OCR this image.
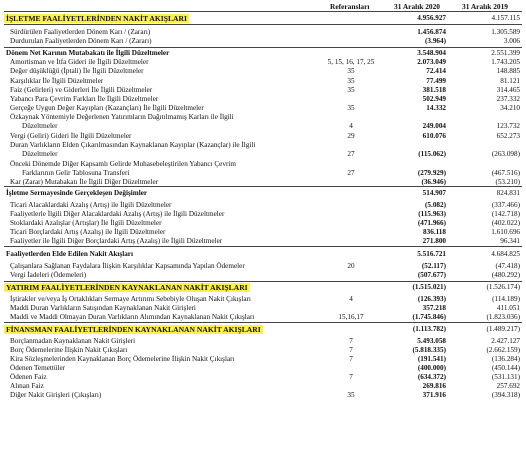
Referansları	31 Aralık 2020	31 Aralık 2019
İŞLETME FAALİYETLERİNDEN NAKİT AKIŞLARI	4.956.927	4.157.115
Sürdürülen Faaliyetlerden Dönem Karı / (Zararı)	1.456.874	1.305.589
Durdurulan Faaliyetlerden Dönem Karı / (Zararı)	(3.964)	3.006
Dönem Net Karının Mutabakatı ile İlgili Düzeltmeler	3.548.904	2.551.399
Amortisman ve İtfa Gideri ile İlgili Düzeltmeler	5, 15, 16, 17, 25	2.073.049	1.743.205
Değer düşüklüğü (İptali) İle İlgili Düzeltmeler	35	72.414	148.885
Karşılıklar İle İlgili Düzeltmeler	35	77.499	81.121
Faiz (Gelirleri) ve Giderleri İle İlgili Düzeltmeler	35	381.518	314.465
Yabancı Para Çevrim Farkları İle İlgili Düzeltmeler	502.949	237.332
Gerçeğe Uygun Değer Kayıpları (Kazançları) İle İlgili Düzeltmeler	35	14.332	34.210
Özkaynak Yöntemiyle Değerlenen Yatırımların Dağıtılmamış Karları ile İlgili
Düzeltmeler	4	249.004	123.732
Vergi (Geliri) Gideri İle İlgili Düzeltmeler	29	610.076	652.273
Duran Varlıkların Elden Çıkarılmasından Kaynaklanan Kayıplar (Kazançlar) ile İlgili
Düzeltmeler	27	(115.062)	(263.098)
Önceki Dönemde Diğer Kapsamlı Gelirde Muhasebeleştirilen Yabancı Çevrim
Farklarının Gelir Tablosuna Transferi	27	(279.929)	(467.516)
Kar (Zarar) Mutabakatı İle İlgili Diğer Düzeltmeler	(36.946)	(53.210)
İşletme Sermayesinde Gerçekleşen Değişimler	514.907	824.831
Ticari Alacaklardaki Azalış (Artış) ile İlgili Düzeltmeler	(5.082)	(337.466)
Faaliyetlerle İlgili Diğer Alacaklardaki Azalış (Artış) ile İlgili Düzeltmeler	(115.963)	(142.718)
Stoklardaki Azalışlar (Artışlar) İle İlgili Düzeltmeler	(471.966)	(402.022)
Ticari Borçlardaki Artış (Azalış) ile İlgili Düzeltmeler	836.118	1.610.696
Faaliyetler ile İlgili Diğer Borçlardaki Artış (Azalış) ile İlgili Düzeltmeler	271.800	96.341
Faaliyetlerden Elde Edilen Nakit Akışları	5.516.721	4.684.825
Çalışanlara Sağlanan Faydalara İlişkin Karşılıklar Kapsamında Yapılan Ödemeler	20	(52.117)	(47.418)
Vergi İadeleri (Ödemeleri)	(507.677)	(480.292)
YATIRIM FAALİYETLERİNDEN KAYNAKLANAN NAKİT AKIŞLARI	(1.515.021)	(1.526.174)
İştirakler ve/veya İş Ortaklıkları Sermaye Artırımı Sebebiyle Oluşan Nakit Çıkışları	4	(126.393)	(114.189)
Maddi Duran Varlıkların Satışından Kaynaklanan Nakit Girişleri	357.218	411.051
Maddi ve Maddi Olmayan Duran Varlıkların Alımından Kaynaklanan Nakit Çıkışları	15,16,17	(1.745.846)	(1.823.036)
FİNANSMAN FAALİYETLERİNDEN KAYNAKLANAN NAKİT AKIŞLARI	(1.113.782)	(1.489.217)
Borçlanmadan Kaynaklanan Nakit Girişleri	7	5.493.058	2.427.127
Borç Ödemelerine İlişkin Nakit Çıkışları	7	(5.818.335)	(2.662.159)
Kira Sözleşmelerinden Kaynaklanan Borç Ödemelerine İlişkin Nakit Çıkışları	7	(191.541)	(136.284)
Ödenen Temettüler	(400.000)	(450.144)
Ödenen Faiz	7	(634.372)	(531.131)
Alınan Faiz	269.816	257.692
Diğer Nakit Girişleri (Çıkışları)	35	371.916	(394.318)
